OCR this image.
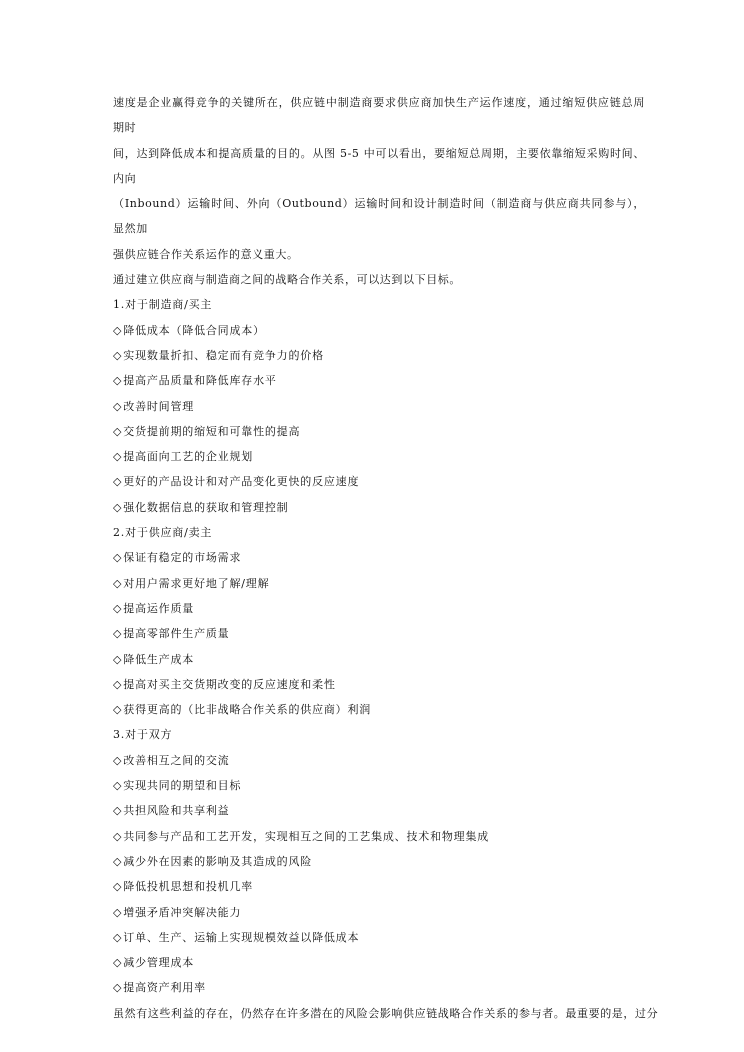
速度是企业赢得竞争的关键所在，供应链中制造商要求供应商加快生产运作速度，通过缩短供应链总周期时

间，达到降低成本和提高质量的目的。从图 5-5 中可以看出，要缩短总周期，主要依靠缩短采购时间、内向

（Inbound）运输时间、外向（Outbound）运输时间和设计制造时间（制造商与供应商共同参与），显然加

强供应链合作关系运作的意义重大。

通过建立供应商与制造商之间的战略合作关系，可以达到以下目标。

1.对于制造商/买主

◇降低成本（降低合同成本）

◇实现数量折扣、稳定而有竞争力的价格

◇提高产品质量和降低库存水平

◇改善时间管理

◇交货提前期的缩短和可靠性的提高

◇提高面向工艺的企业规划

◇更好的产品设计和对产品变化更快的反应速度

◇强化数据信息的获取和管理控制

2.对于供应商/卖主

◇保证有稳定的市场需求

◇对用户需求更好地了解/理解

◇提高运作质量

◇提高零部件生产质量

◇降低生产成本

◇提高对买主交货期改变的反应速度和柔性

◇获得更高的（比非战略合作关系的供应商）利润

3.对于双方

◇改善相互之间的交流

◇实现共同的期望和目标

◇共担风险和共享利益

◇共同参与产品和工艺开发，实现相互之间的工艺集成、技术和物理集成

◇减少外在因素的影响及其造成的风险

◇降低投机思想和投机几率

◇增强矛盾冲突解决能力

◇订单、生产、运输上实现规模效益以降低成本

◇减少管理成本

◇提高资产利用率

虽然有这些利益的存在，仍然存在许多潜在的风险会影响供应链战略合作关系的参与者。最重要的是，过分
